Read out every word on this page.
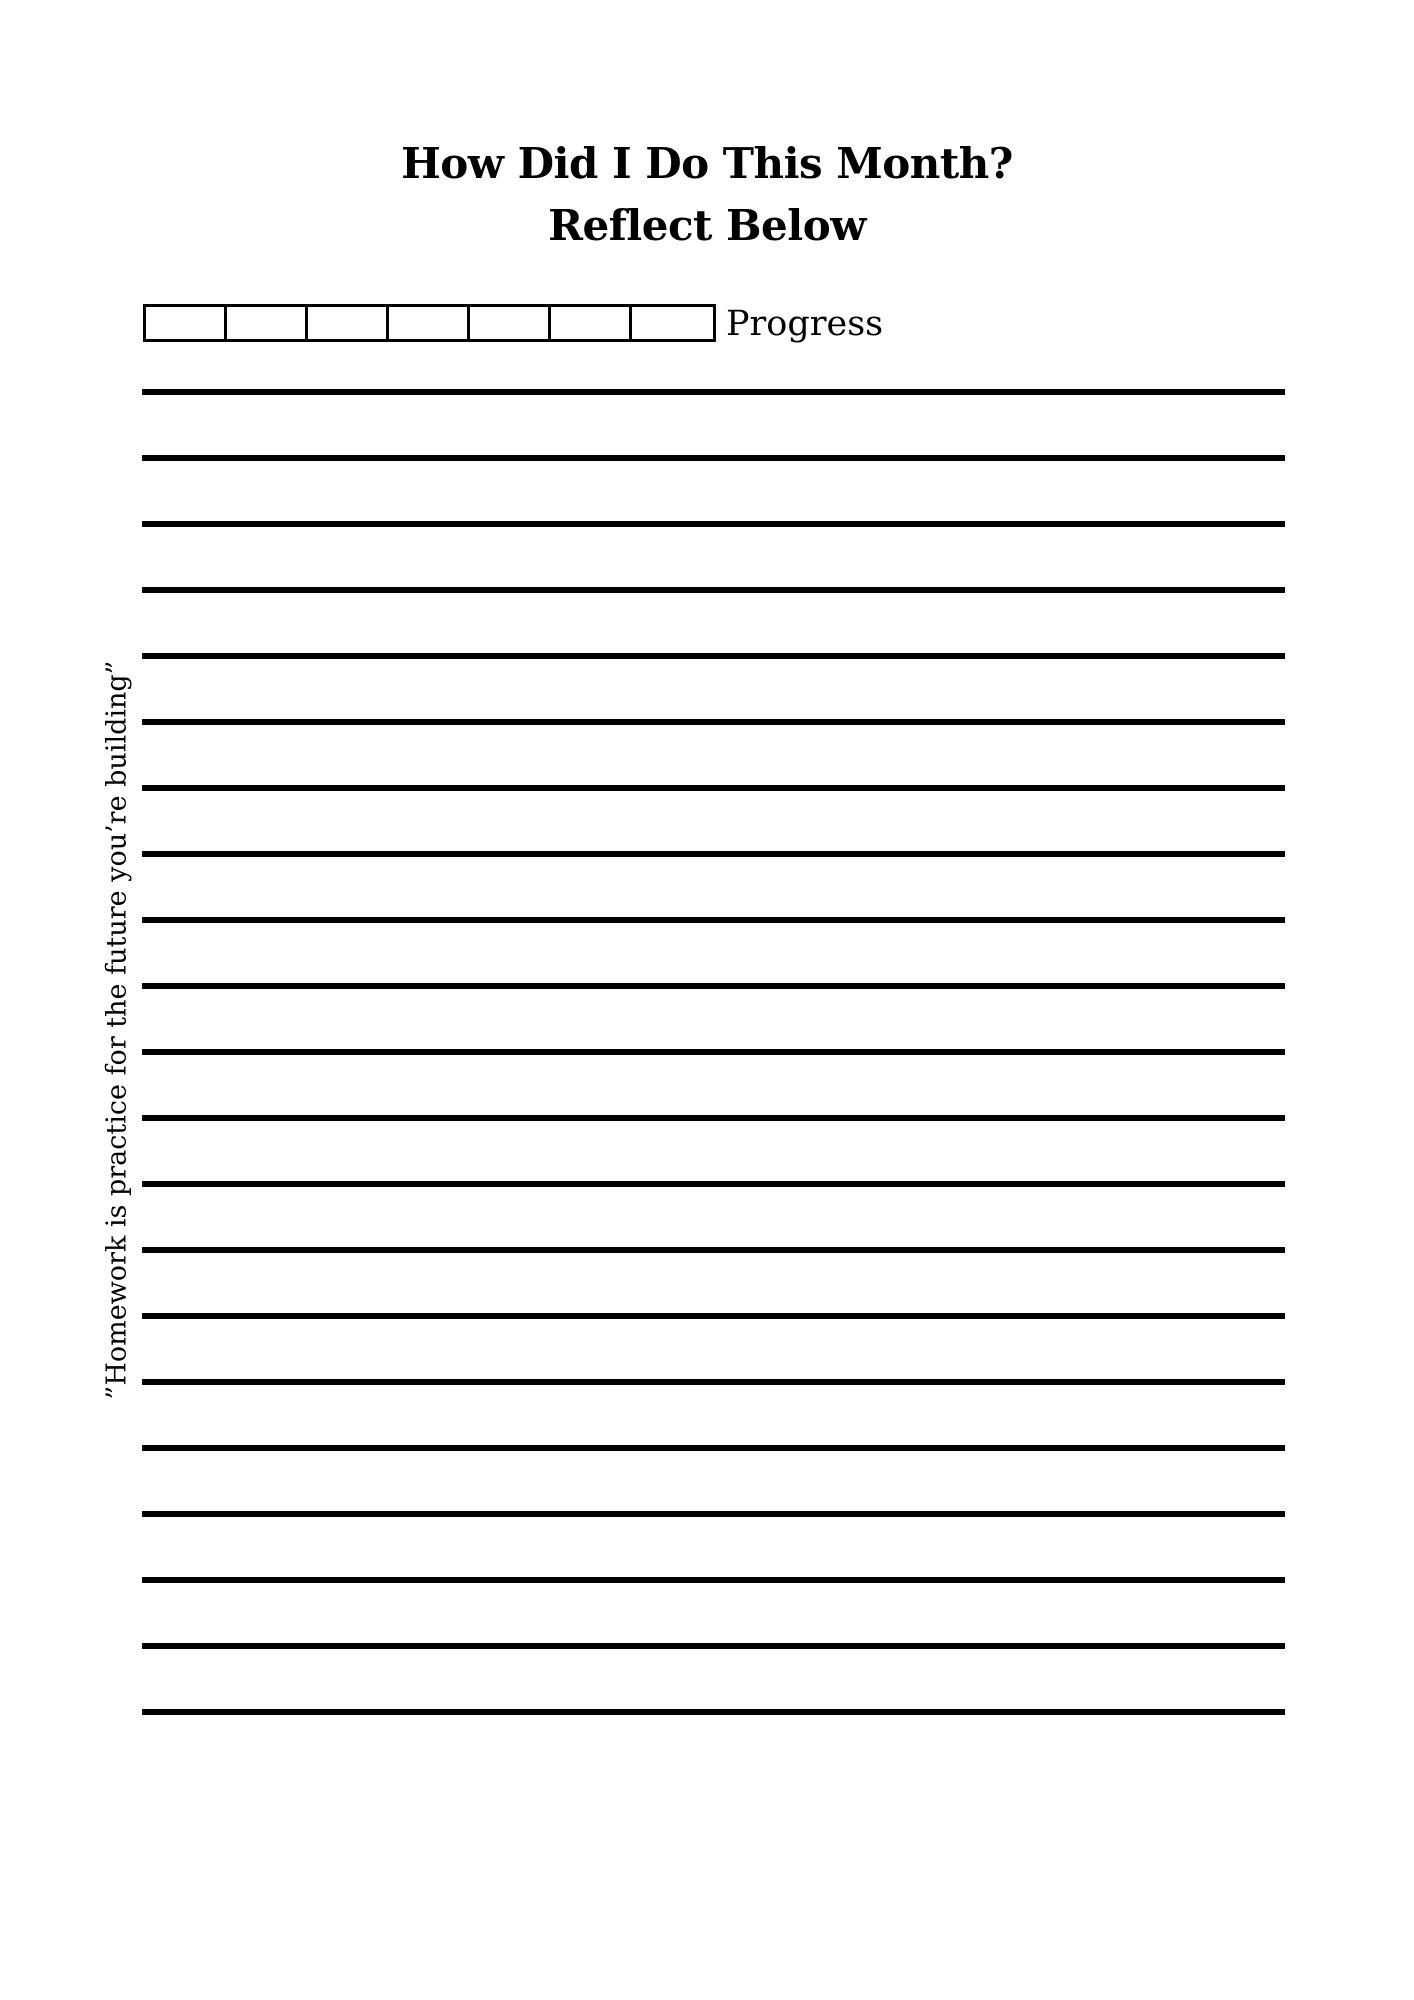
How Did I Do This Month?
Reflect Below
Progress
”Homework is practice for the future you’re building”
